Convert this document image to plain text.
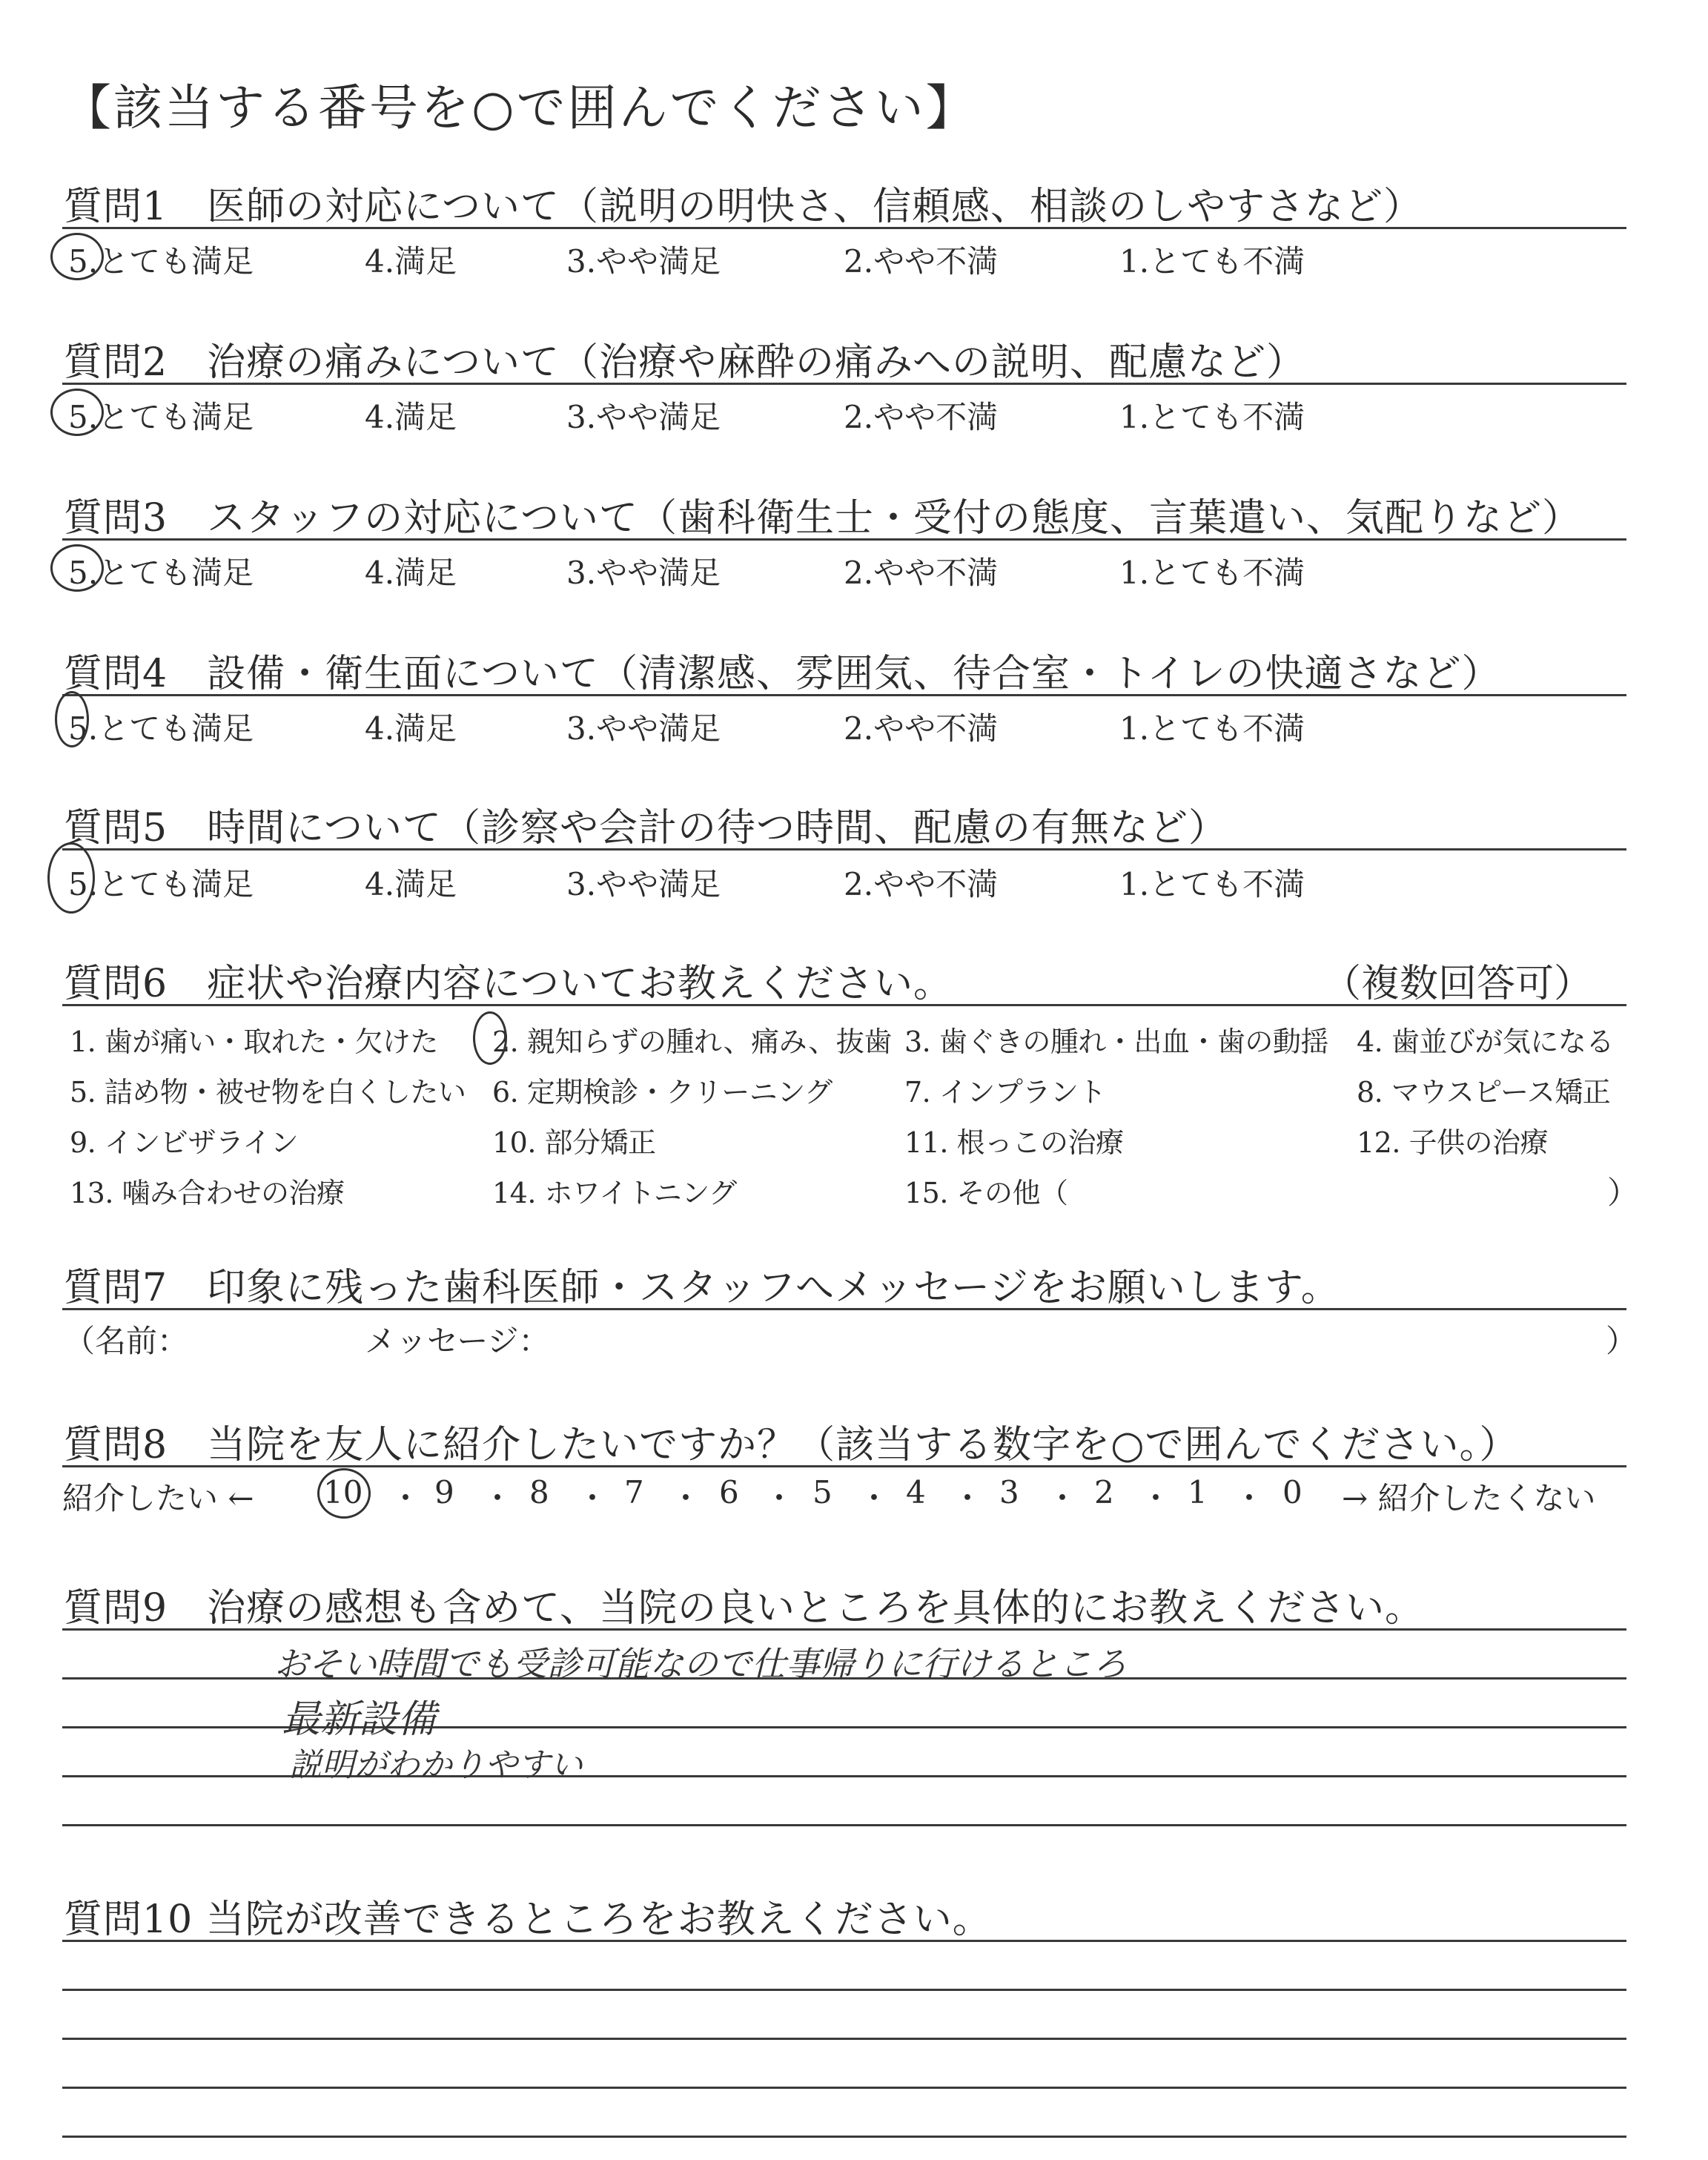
【該当する番号を○で囲んでください】
質問1　医師の対応について（説明の明快さ、信頼感、相談のしやすさなど）
5.とても満足	4.満足	3.やや満足	2.やや不満	1.とても不満
質問2　治療の痛みについて（治療や麻酔の痛みへの説明、配慮など）
5.とても満足	4.満足	3.やや満足	2.やや不満	1.とても不満
質問3　スタッフの対応について（歯科衛生士・受付の態度、言葉遣い、気配りなど）
5.とても満足	4.満足	3.やや満足	2.やや不満	1.とても不満
質問4　設備・衛生面について（清潔感、雰囲気、待合室・トイレの快適さなど）
5.とても満足	4.満足	3.やや満足	2.やや不満	1.とても不満
質問5　時間について（診察や会計の待つ時間、配慮の有無など）
5.とても満足	4.満足	3.やや満足	2.やや不満	1.とても不満
質問6　症状や治療内容についてお教えください。	（複数回答可）
1. 歯が痛い・取れた・欠けた 2. 親知らずの腫れ、痛み、抜歯 3. 歯ぐきの腫れ・出血・歯の動揺 4. 歯並びが気になる
5. 詰め物・被せ物を白くしたい 6. 定期検診・クリーニング	7. インプラント	8. マウスピース矯正
9. インビザライン	10. 部分矯正	11. 根っこの治療	12. 子供の治療
13. 噛み合わせの治療	14. ホワイトニング	15. その他（	）
質問7　印象に残った歯科医師・スタッフへメッセージをお願いします。
（名前：	メッセージ：	）
質問8　当院を友人に紹介したいですか？（該当する数字を○で囲んでください。）
紹介したい ← 10 ・ 9 ・ 8 ・ 7 ・ 6 ・ 5 ・ 4 ・ 3 ・ 2 ・ 1 ・ 0 → 紹介したくない
質問9　治療の感想も含めて、当院の良いところを具体的にお教えください。
おそい時間でも受診可能なので仕事帰りに行けるところ
最新設備
説明がわかりやすい
質問10 当院が改善できるところをお教えください。
